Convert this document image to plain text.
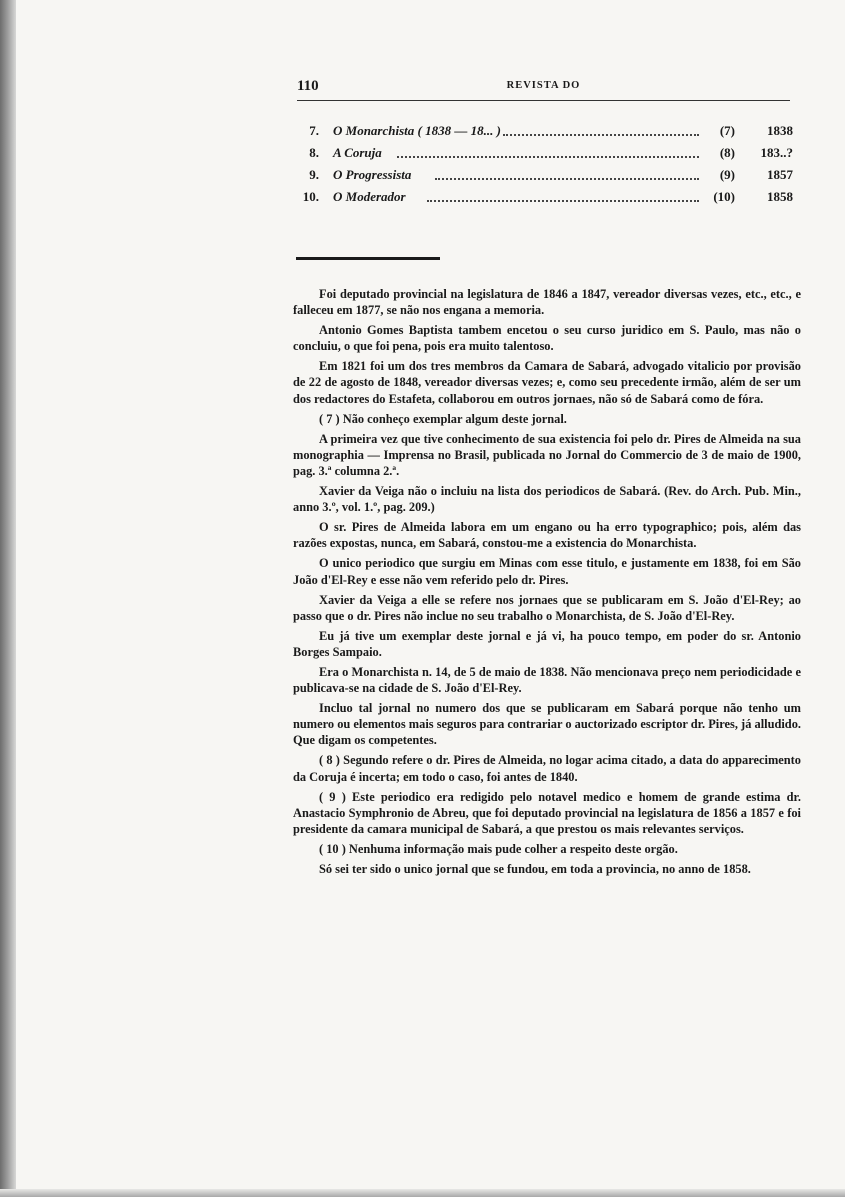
110	REVISTA DO
7. O Monarchista ( 1838 — 18... )	(7) 1838
8. A Coruja	(8) 183..?
9. O Progressista	(9) 1857
10. O Moderador	(10) 1858

Foi deputado provincial na legislatura de 1846 a 1847, vereador diversas vezes, etc., etc., e falleceu em 1877, se não nos engana a memoria.

Antonio Gomes Baptista tambem encetou o seu curso juridico em S. Paulo, mas não o concluiu, o que foi pena, pois era muito talentoso.

Em 1821 foi um dos tres membros da Camara de Sabará, advogado vitalicio por provisão de 22 de agosto de 1848, vereador diversas vezes; e, como seu precedente irmão, além de ser um dos redactores do Estafeta, collaborou em outros jornaes, não só de Sabará como de fóra.

( 7 ) Não conheço exemplar algum deste jornal.

A primeira vez que tive conhecimento de sua existencia foi pelo dr. Pires de Almeida na sua monographia — Imprensa no Brasil, publicada no Jornal do Commercio de 3 de maio de 1900, pag. 3.ª columna 2.ª.

Xavier da Veiga não o incluiu na lista dos periodicos de Sabará. (Rev. do Arch. Pub. Min., anno 3.º, vol. 1.º, pag. 209.)

O sr. Pires de Almeida labora em um engano ou ha erro typographico; pois, além das razões expostas, nunca, em Sabará, constou-me a existencia do Monarchista.

O unico periodico que surgiu em Minas com esse titulo, e justamente em 1838, foi em São João d'El-Rey e esse não vem referido pelo dr. Pires.

Xavier da Veiga a elle se refere nos jornaes que se publicaram em S. João d'El-Rey; ao passo que o dr. Pires não inclue no seu trabalho o Monarchista, de S. João d'El-Rey.

Eu já tive um exemplar deste jornal e já vi, ha pouco tempo, em poder do sr. Antonio Borges Sampaio.

Era o Monarchista n. 14, de 5 de maio de 1838. Não mencionava preço nem periodicidade e publicava-se na cidade de S. João d'El-Rey.

Incluo tal jornal no numero dos que se publicaram em Sabará porque não tenho um numero ou elementos mais seguros para contrariar o auctorizado escriptor dr. Pires, já alludido. Que digam os competentes.

( 8 ) Segundo refere o dr. Pires de Almeida, no logar acima citado, a data do apparecimento da Coruja é incerta; em todo o caso, foi antes de 1840.

( 9 ) Este periodico era redigido pelo notavel medico e homem de grande estima dr. Anastacio Symphronio de Abreu, que foi deputado provincial na legislatura de 1856 a 1857 e foi presidente da camara municipal de Sabará, a que prestou os mais relevantes serviços.

( 10 ) Nenhuma informação mais pude colher a respeito deste orgão.

Só sei ter sido o unico jornal que se fundou, em toda a provincia, no anno de 1858.
